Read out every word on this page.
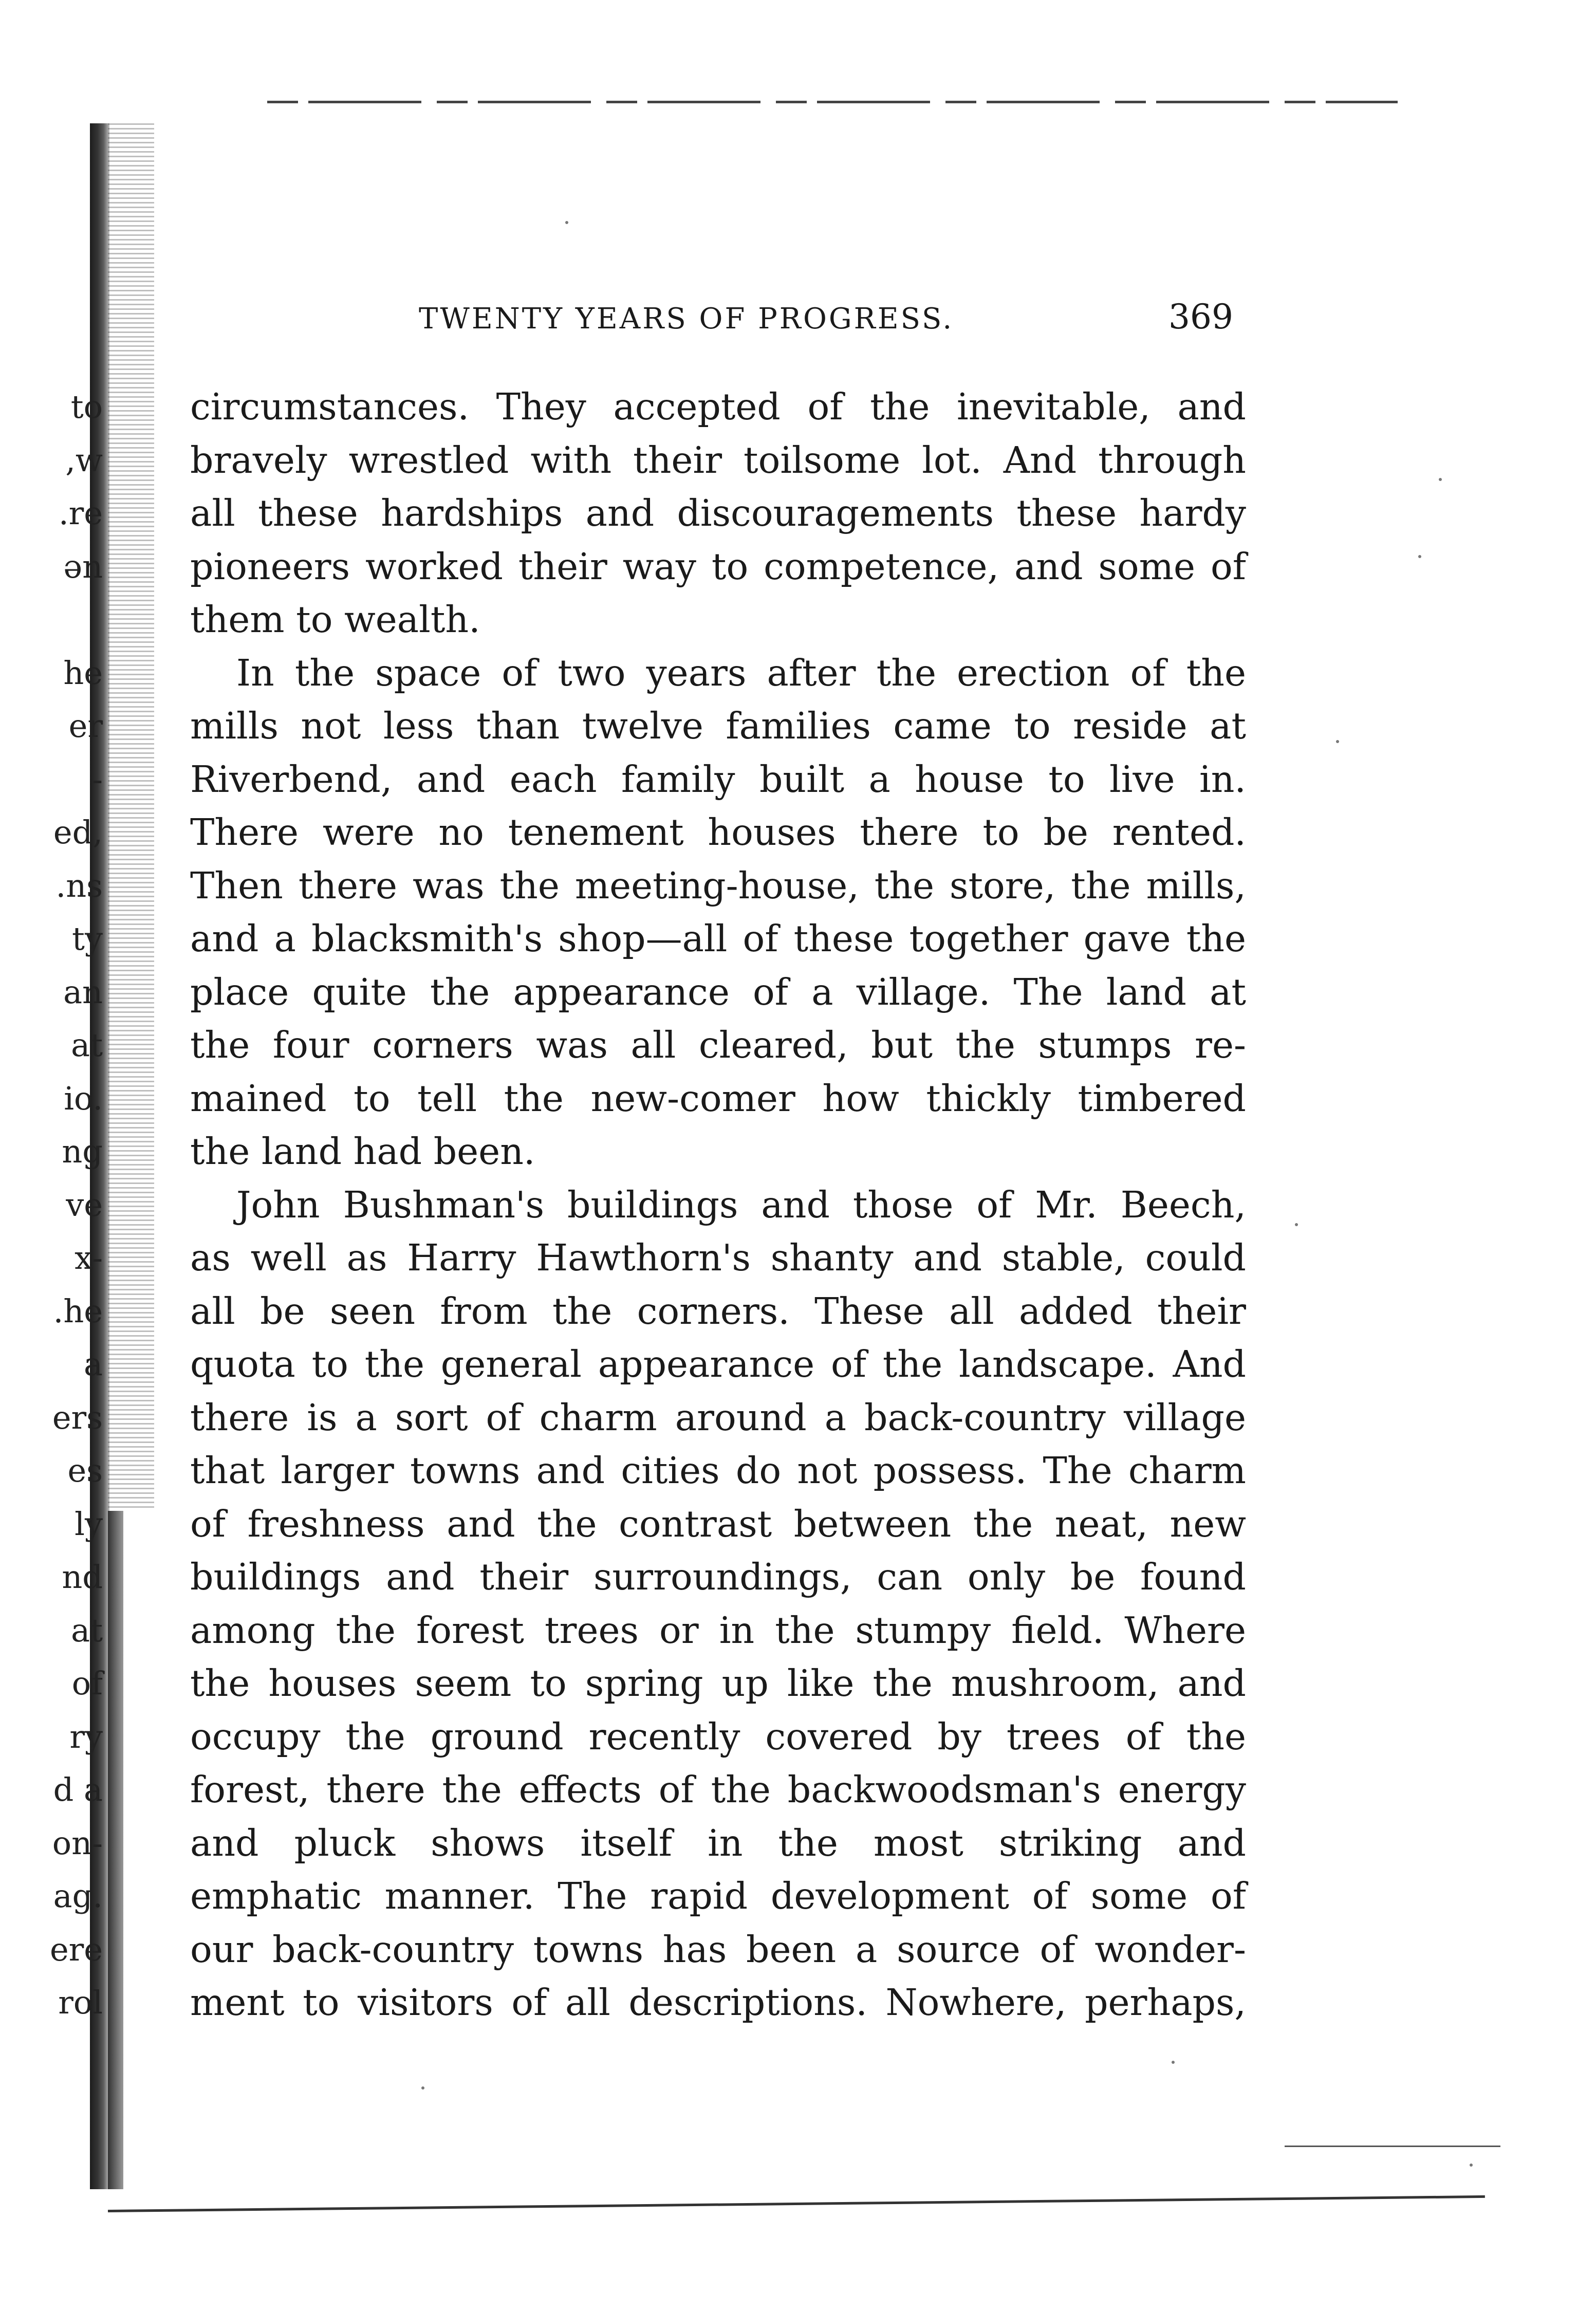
to
,w
.re
ən
he
er
-
ed,
.ns
ty
an
at
io.
ng
ve
x-
.he
a
ers
es
ly
nd
at
of
ry
d a
on-
ag.
ere
rol
TWENTY YEARS OF PROGRESS.	369
circumstances. They accepted of the inevitable, and
bravely wrestled with their toilsome lot. And through
all these hardships and discouragements these hardy
pioneers worked their way to competence, and some of
them to wealth.
In the space of two years after the erection of the
mills not less than twelve families came to reside at
Riverbend, and each family built a house to live in.
There were no tenement houses there to be rented.
Then there was the meeting-house, the store, the mills,
and a blacksmith's shop—all of these together gave the
place quite the appearance of a village. The land at
the four corners was all cleared, but the stumps re-
mained to tell the new-comer how thickly timbered
the land had been.
John Bushman's buildings and those of Mr. Beech,
as well as Harry Hawthorn's shanty and stable, could
all be seen from the corners. These all added their
quota to the general appearance of the landscape. And
there is a sort of charm around a back-country village
that larger towns and cities do not possess. The charm
of freshness and the contrast between the neat, new
buildings and their surroundings, can only be found
among the forest trees or in the stumpy field. Where
the houses seem to spring up like the mushroom, and
occupy the ground recently covered by trees of the
forest, there the effects of the backwoodsman's energy
and pluck shows itself in the most striking and
emphatic manner. The rapid development of some of
our back-country towns has been a source of wonder-
ment to visitors of all descriptions. Nowhere, perhaps,
